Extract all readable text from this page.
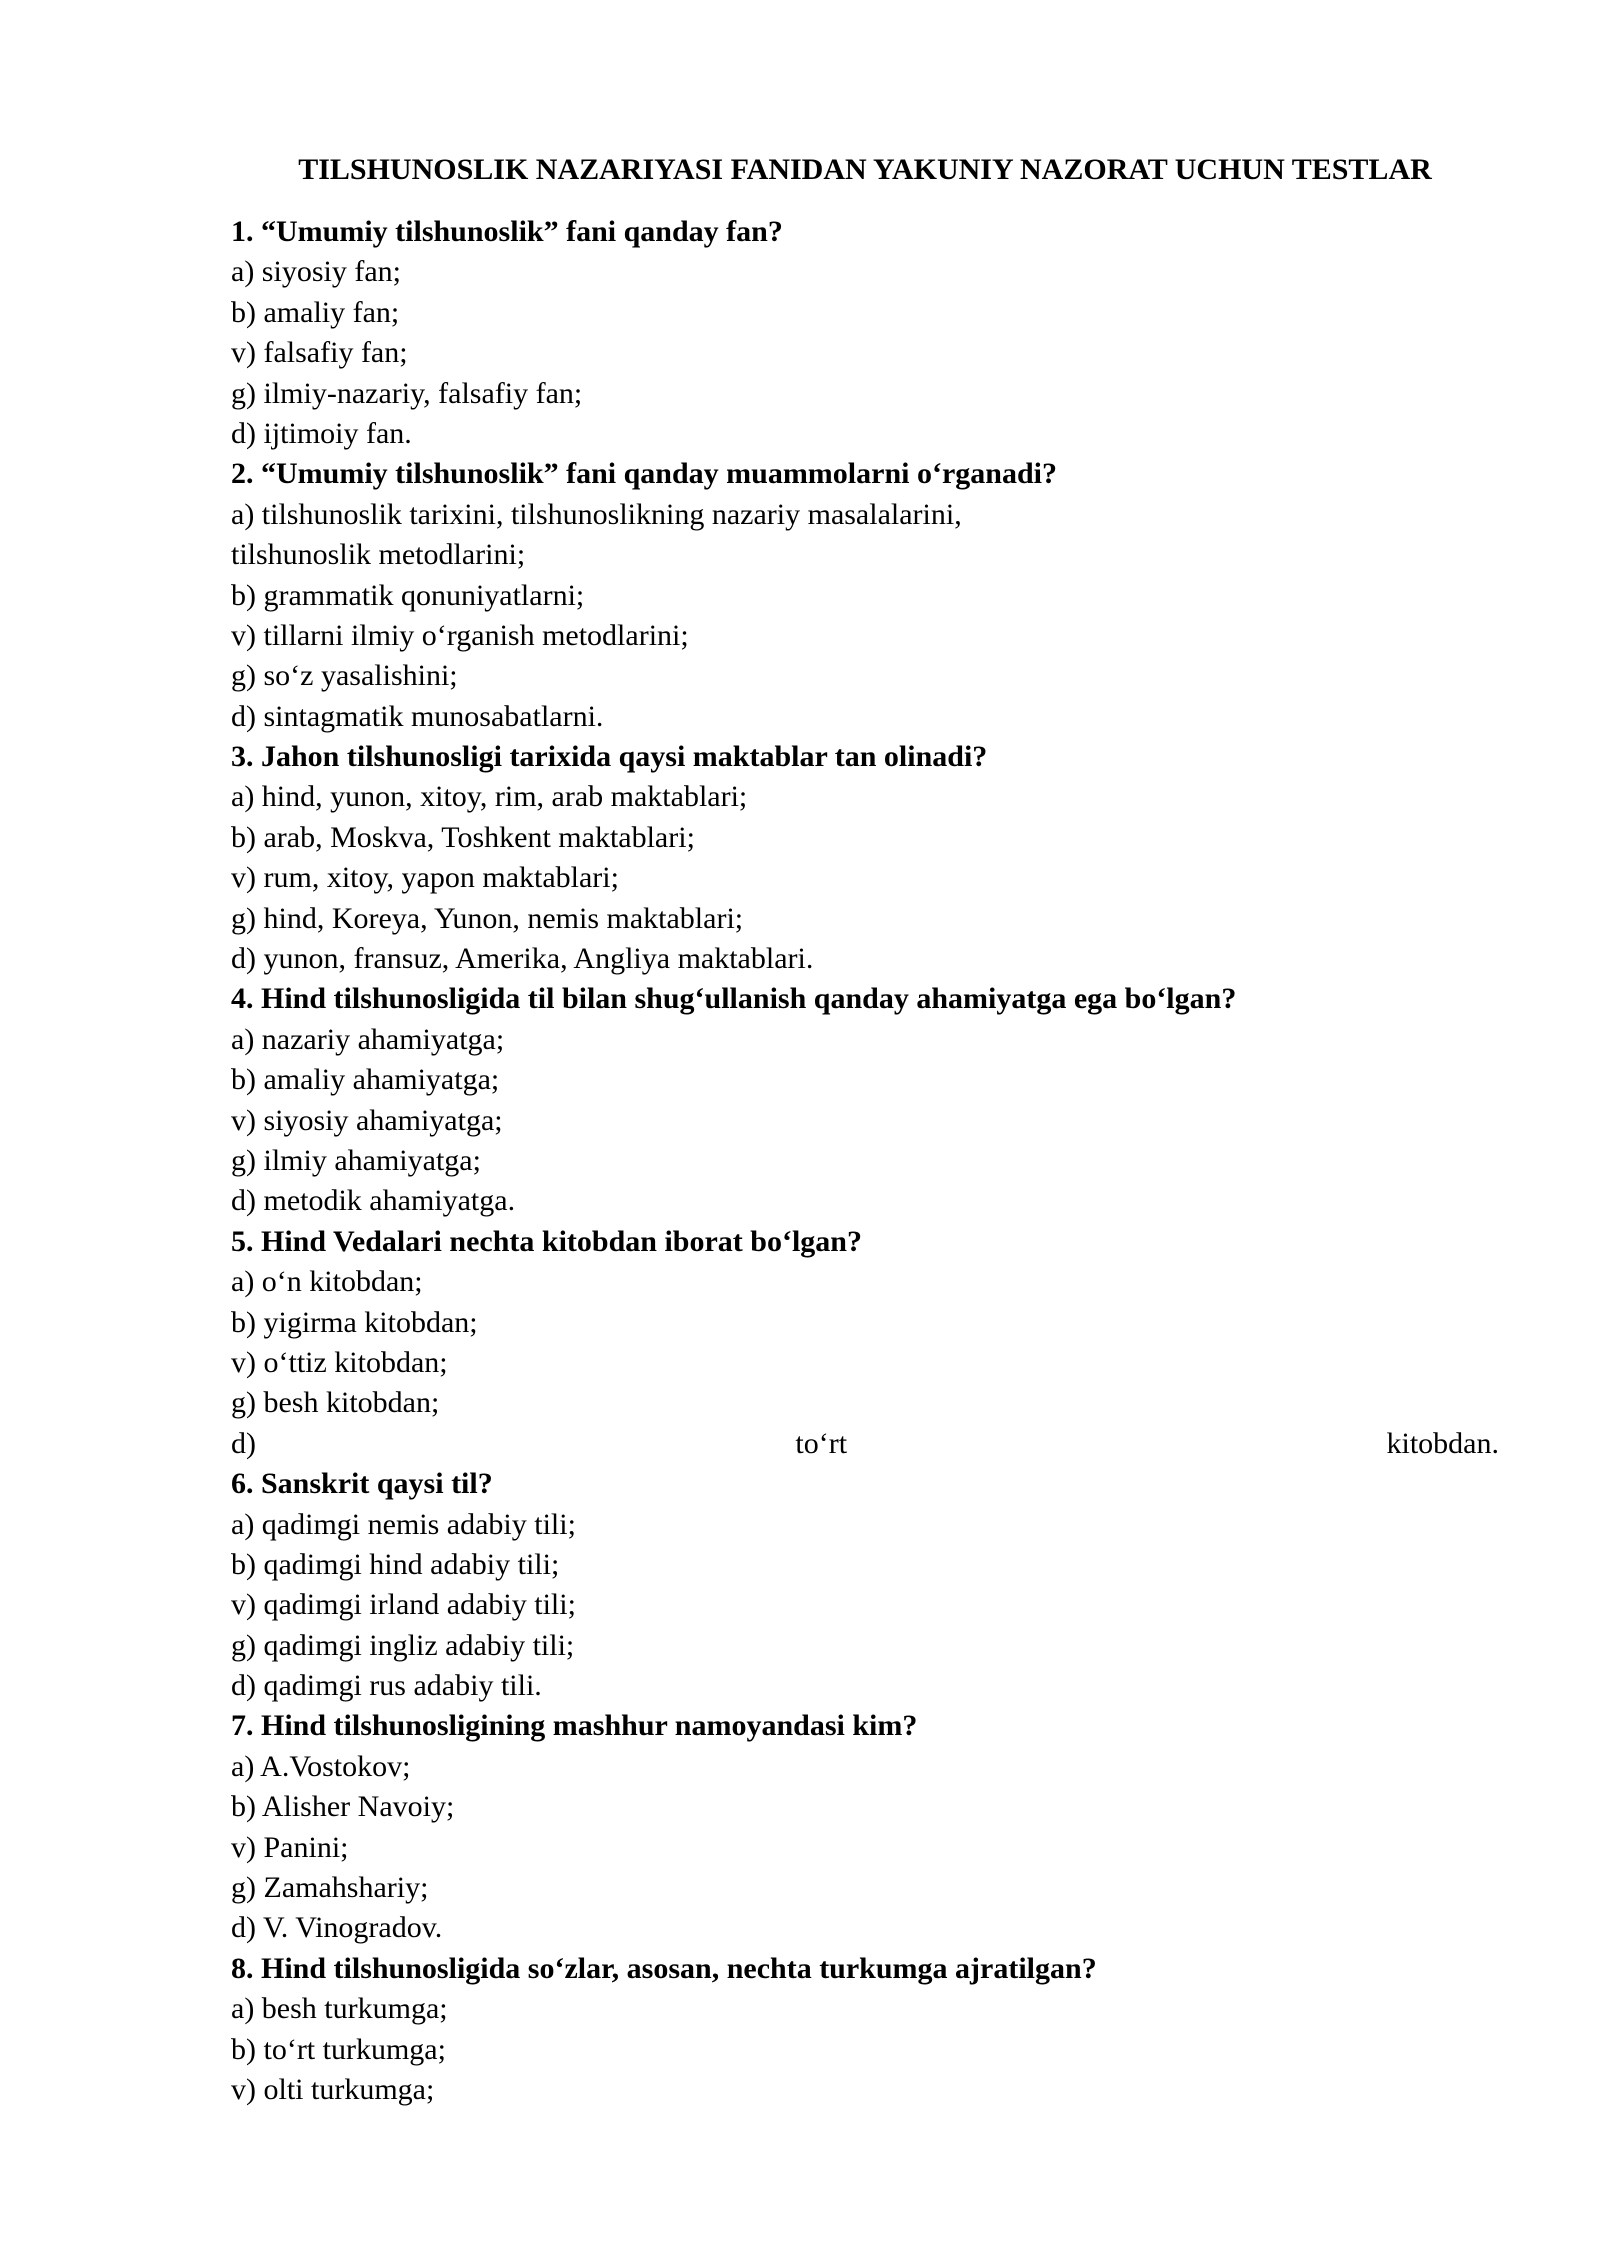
TILSHUNOSLIK NAZARIYASI FANIDAN YAKUNIY NAZORAT UCHUN TESTLAR
1. “Umumiy tilshunoslik” fani qanday fan?
a) siyosiy fan;
b) amaliy fan;
v) falsafiy fan;
g) ilmiy-nazariy, falsafiy fan;
d) ijtimoiy fan.
2. “Umumiy tilshunoslik” fani qanday muammolarni o‘rganadi?
a) tilshunoslik tarixini, tilshunoslikning nazariy masalalarini,
tilshunoslik metodlarini;
b) grammatik qonuniyatlarni;
v) tillarni ilmiy o‘rganish metodlarini;
g) so‘z yasalishini;
d) sintagmatik munosabatlarni.
3. Jahon tilshunosligi tarixida qaysi maktablar tan olinadi?
a) hind, yunon, xitoy, rim, arab maktablari;
b) arab, Moskva, Toshkent maktablari;
v) rum, xitoy, yapon maktablari;
g) hind, Koreya, Yunon, nemis maktablari;
d) yunon, fransuz, Amerika, Angliya maktablari.
4. Hind tilshunosligida til bilan shug‘ullanish qanday ahamiyatga ega bo‘lgan?
a) nazariy ahamiyatga;
b) amaliy ahamiyatga;
v) siyosiy ahamiyatga;
g) ilmiy ahamiyatga;
d) metodik ahamiyatga.
5. Hind Vedalari nechta kitobdan iborat bo‘lgan?
a) o‘n kitobdan;
b) yigirma kitobdan;
v) o‘ttiz kitobdan;
g) besh kitobdan;
d)	to‘rt	kitobdan.
6. Sanskrit qaysi til?
a) qadimgi nemis adabiy tili;
b) qadimgi hind adabiy tili;
v) qadimgi irland adabiy tili;
g) qadimgi ingliz adabiy tili;
d) qadimgi rus adabiy tili.
7. Hind tilshunosligining mashhur namoyandasi kim?
a) A.Vostokov;
b) Alisher Navoiy;
v) Panini;
g) Zamahshariy;
d) V. Vinogradov.
8. Hind tilshunosligida so‘zlar, asosan, nechta turkumga ajratilgan?
a) besh turkumga;
b) to‘rt turkumga;
v) olti turkumga;
